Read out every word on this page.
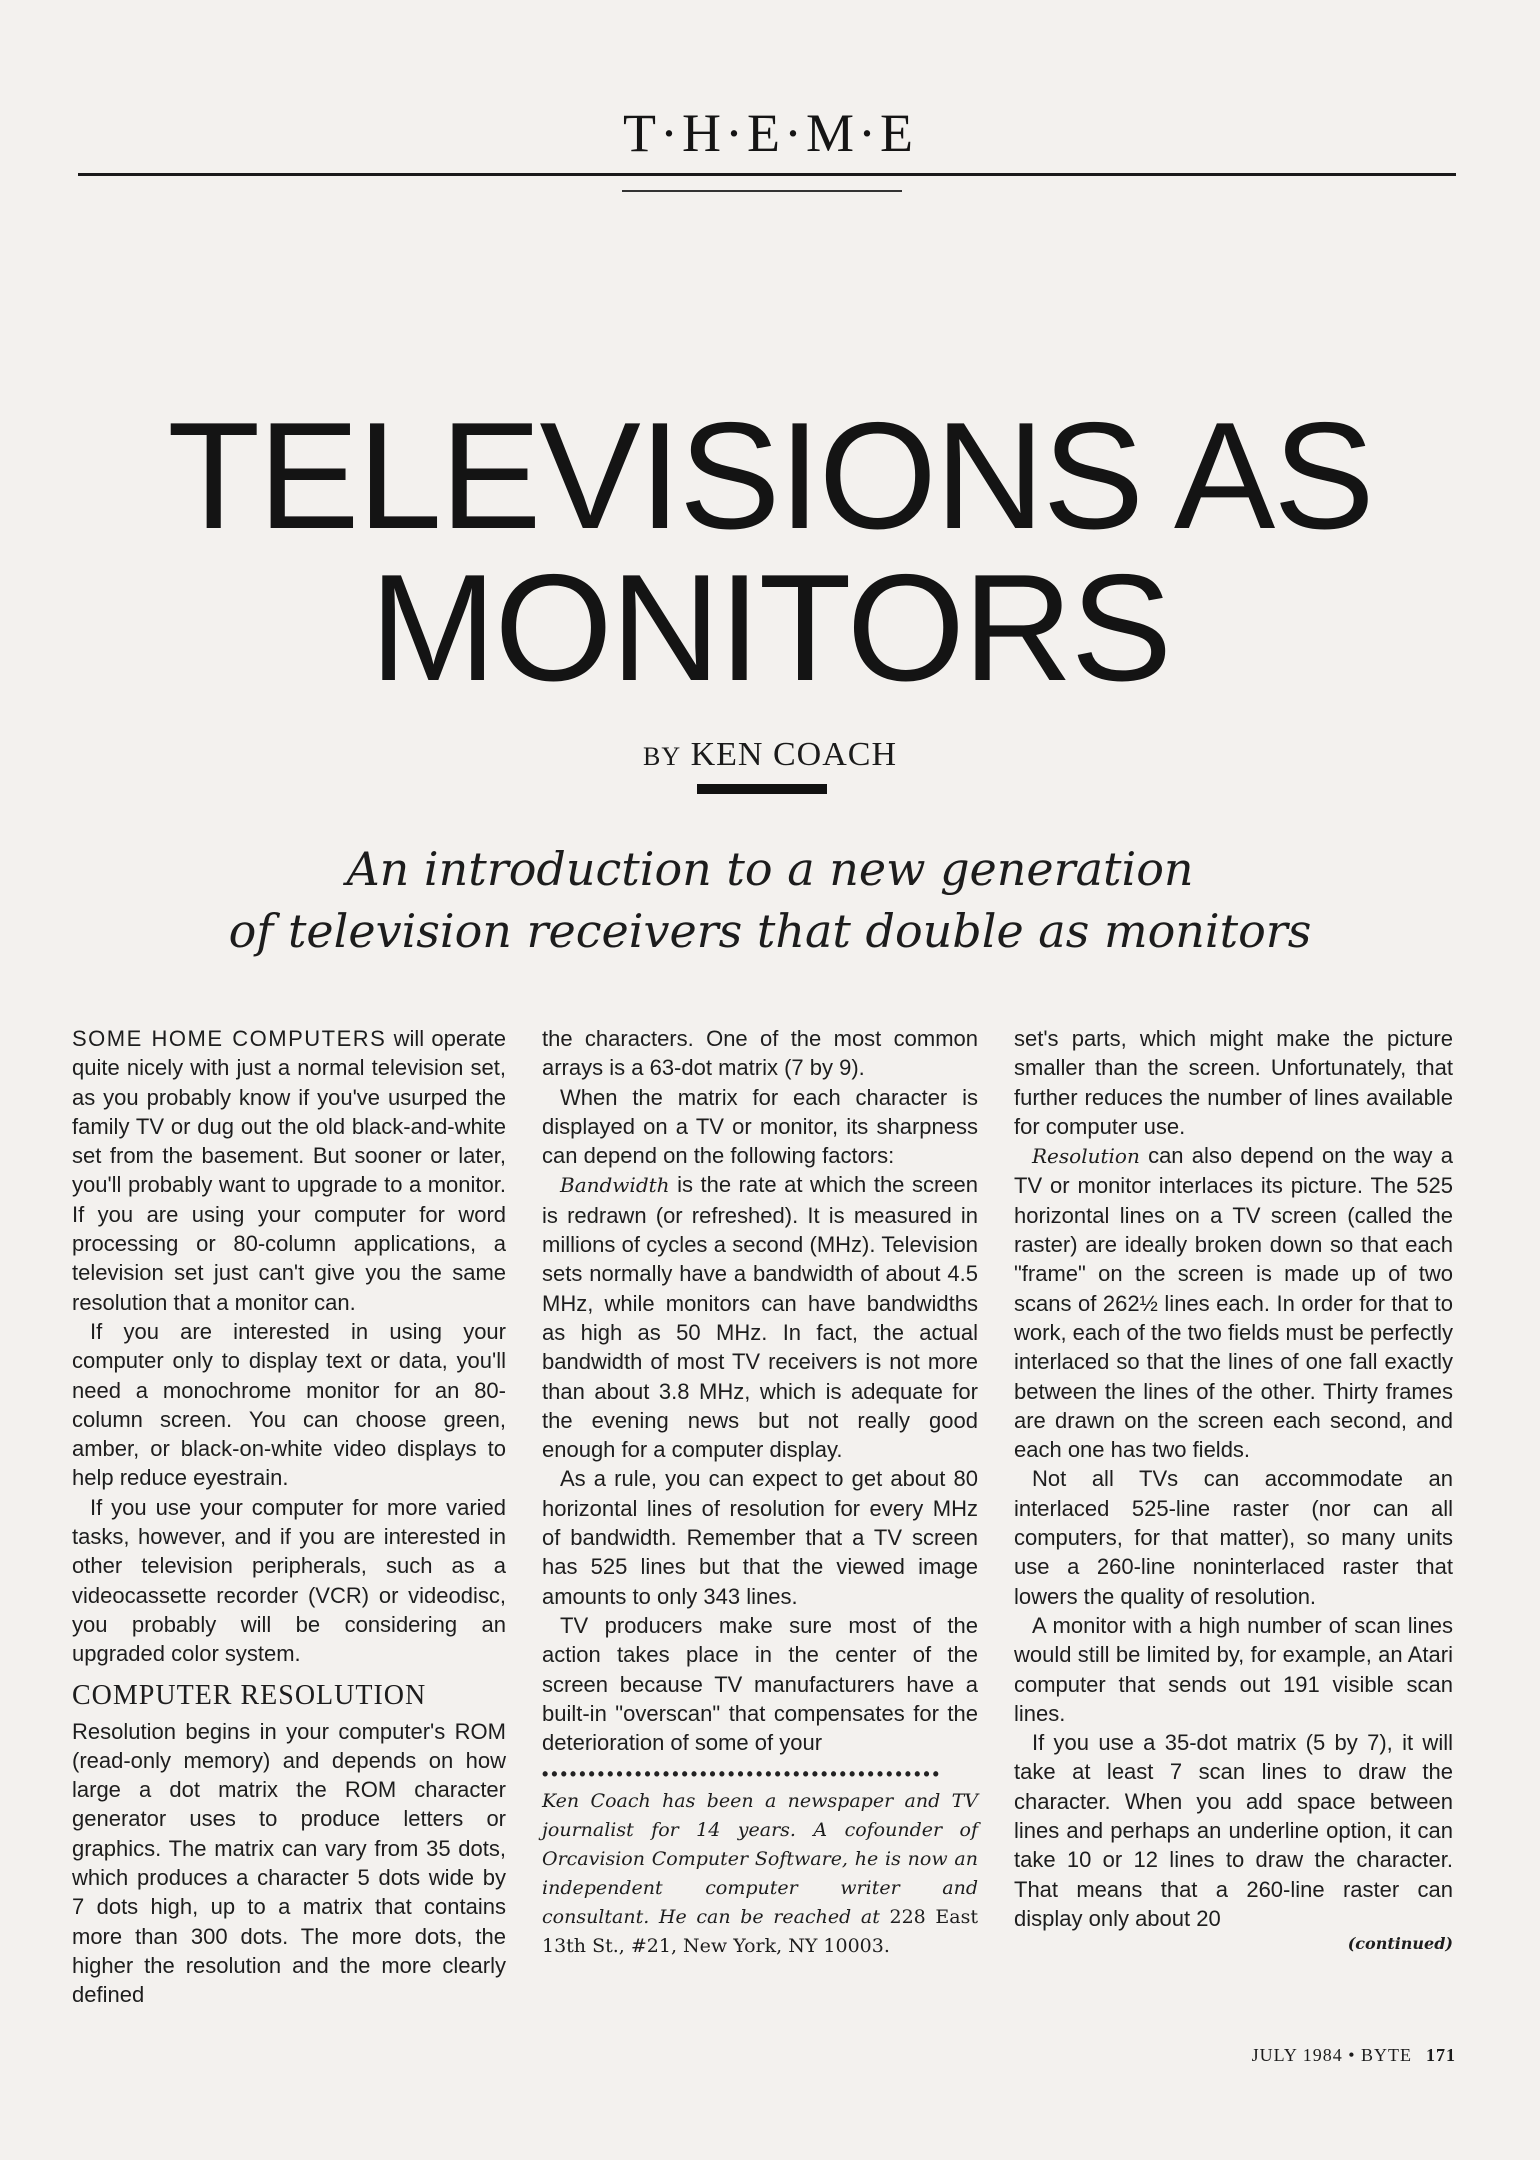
T·H·E·M·E
TELEVISIONS AS
MONITORS
BY KEN COACH
An introduction to a new generation
of television receivers that double as monitors

SOME HOME COMPUTERS will operate quite nicely with just a normal television set, as you probably know if you've usurped the family TV or dug out the old black-and-white set from the basement. But sooner or later, you'll probably want to upgrade to a monitor. If you are using your computer for word processing or 80-column applications, a television set just can't give you the same resolution that a monitor can.

If you are interested in using your computer only to display text or data, you'll need a monochrome monitor for an 80-column screen. You can choose green, amber, or black-on-white video displays to help reduce eyestrain.

If you use your computer for more varied tasks, however, and if you are interested in other television peripherals, such as a videocassette recorder (VCR) or videodisc, you probably will be considering an upgraded color system.

COMPUTER RESOLUTION

Resolution begins in your computer's ROM (read-only memory) and depends on how large a dot matrix the ROM character generator uses to produce letters or graphics. The matrix can vary from 35 dots, which produces a character 5 dots wide by 7 dots high, up to a matrix that contains more than 300 dots. The more dots, the higher the resolution and the more clearly defined

the characters. One of the most common arrays is a 63-dot matrix (7 by 9).

When the matrix for each character is displayed on a TV or monitor, its sharpness can depend on the following factors:

Bandwidth is the rate at which the screen is redrawn (or refreshed). It is measured in millions of cycles a second (MHz). Television sets normally have a bandwidth of about 4.5 MHz, while monitors can have bandwidths as high as 50 MHz. In fact, the actual bandwidth of most TV receivers is not more than about 3.8 MHz, which is adequate for the evening news but not really good enough for a computer display.

As a rule, you can expect to get about 80 horizontal lines of resolution for every MHz of bandwidth. Remember that a TV screen has 525 lines but that the viewed image amounts to only 343 lines.

TV producers make sure most of the action takes place in the center of the screen because TV manufacturers have a built-in "overscan" that compensates for the deterioration of some of your

•••••••••••••••••••••••••••••••••••••••••••
Ken Coach has been a newspaper and TV journalist for 14 years. A cofounder of Orcavision Computer Software, he is now an independent computer writer and consultant. He can be reached at 228 East 13th St., #21, New York, NY 10003.

set's parts, which might make the picture smaller than the screen. Unfortunately, that further reduces the number of lines available for computer use.

Resolution can also depend on the way a TV or monitor interlaces its picture. The 525 horizontal lines on a TV screen (called the raster) are ideally broken down so that each "frame" on the screen is made up of two scans of 262½ lines each. In order for that to work, each of the two fields must be perfectly interlaced so that the lines of one fall exactly between the lines of the other. Thirty frames are drawn on the screen each second, and each one has two fields.

Not all TVs can accommodate an interlaced 525-line raster (nor can all computers, for that matter), so many units use a 260-line noninterlaced raster that lowers the quality of resolution.

A monitor with a high number of scan lines would still be limited by, for example, an Atari computer that sends out 191 visible scan lines.

If you use a 35-dot matrix (5 by 7), it will take at least 7 scan lines to draw the character. When you add space between lines and perhaps an underline option, it can take 10 or 12 lines to draw the character. That means that a 260-line raster can display only about 20

(continued)
JULY 1984 • BYTE 171
